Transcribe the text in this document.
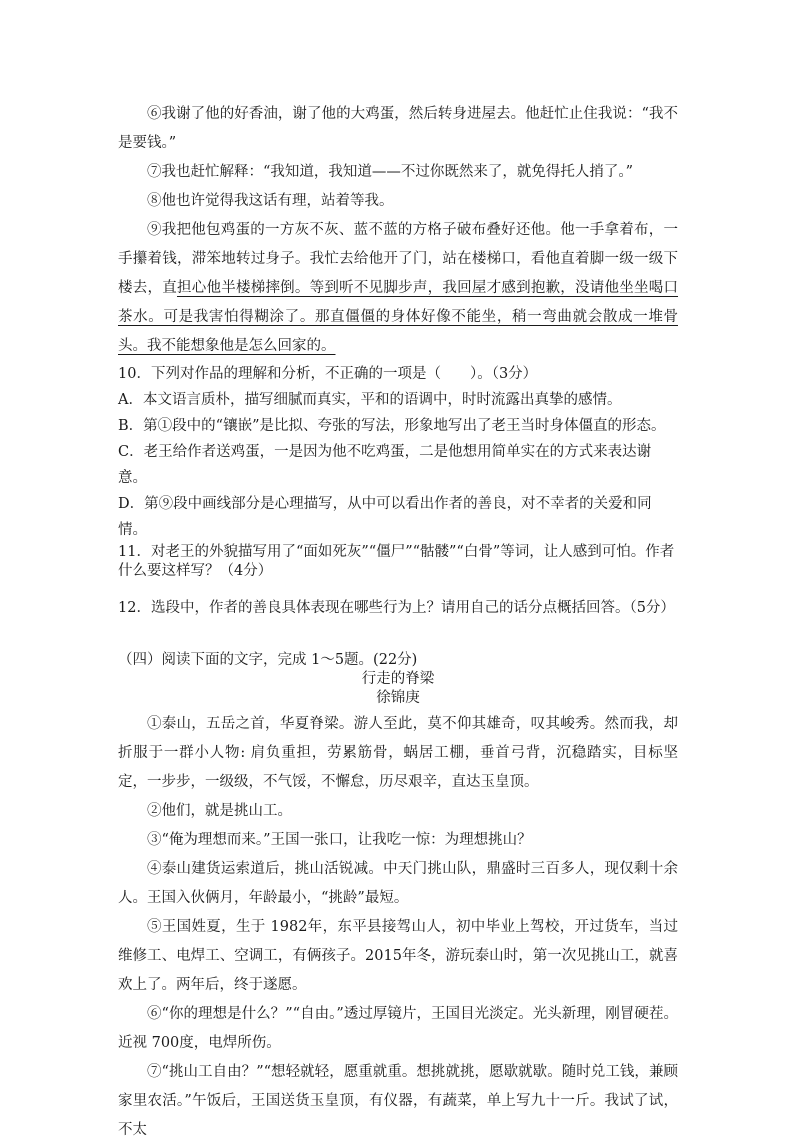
⑥我谢了他的好香油，谢了他的大鸡蛋，然后转身进屋去。他赶忙止住我说：“我不是要钱。”

⑦我也赶忙解释：“我知道，我知道——不过你既然来了，就免得托人捎了。”

⑧他也许觉得我这话有理，站着等我。

⑨我把他包鸡蛋的一方灰不灰、蓝不蓝的方格子破布叠好还他。他一手拿着布，一手攥着钱，滞笨地转过身子。我忙去给他开了门，站在楼梯口，看他直着脚一级一级下楼去，直担心他半楼梯摔倒。等到听不见脚步声，我回屋才感到抱歉，没请他坐坐喝口茶水。可是我害怕得糊涂了。那直僵僵的身体好像不能坐，稍一弯曲就会散成一堆骨头。我不能想象他是怎么回家的。

10．下列对作品的理解和分析，不正确的一项是（　　）。（3分）

A．本文语言质朴，描写细腻而真实，平和的语调中，时时流露出真挚的感情。

B．第①段中的“镶嵌”是比拟、夸张的写法，形象地写出了老王当时身体僵直的形态。

C．老王给作者送鸡蛋，一是因为他不吃鸡蛋，二是他想用简单实在的方式来表达谢意。

D．第⑨段中画线部分是心理描写，从中可以看出作者的善良，对不幸者的关爱和同情。

11．对老王的外貌描写用了“面如死灰”“僵尸”“骷髅”“白骨”等词，让人感到可怕。作者什么要这样写？（4分）

12．选段中，作者的善良具体表现在哪些行为上？请用自己的话分点概括回答。（5分）

（四）阅读下面的文字，完成 1～5题。(22分)

行走的脊梁

徐锦庚

①泰山，五岳之首，华夏脊梁。游人至此，莫不仰其雄奇，叹其峻秀。然而我，却折服于一群小人物: 肩负重担，劳累筋骨，蜗居工棚，垂首弓背，沉稳踏实，目标坚定，一步步，一级级，不气馁，不懈怠，历尽艰辛，直达玉皇顶。

②他们，就是挑山工。

③“俺为理想而来。”王国一张口，让我吃一惊：为理想挑山？

④泰山建货运索道后，挑山活锐减。中天门挑山队，鼎盛时三百多人，现仅剩十余人。王国入伙俩月，年龄最小，“挑龄”最短。

⑤王国姓夏，生于 1982年，东平县接驾山人，初中毕业上驾校，开过货车，当过维修工、电焊工、空调工，有俩孩子。2015年冬，游玩泰山时，第一次见挑山工，就喜欢上了。两年后，终于遂愿。

⑥“你的理想是什么？”“自由。”透过厚镜片，王国目光淡定。光头新理，刚冒硬茬。近视 700度，电焊所伤。

⑦“挑山工自由？”“想轻就轻，愿重就重。想挑就挑，愿歇就歇。随时兑工钱，兼顾家里农活。”午饭后，王国送货玉皇顶，有仪器，有蔬菜，单上写九十一斤。我试了试，不太
